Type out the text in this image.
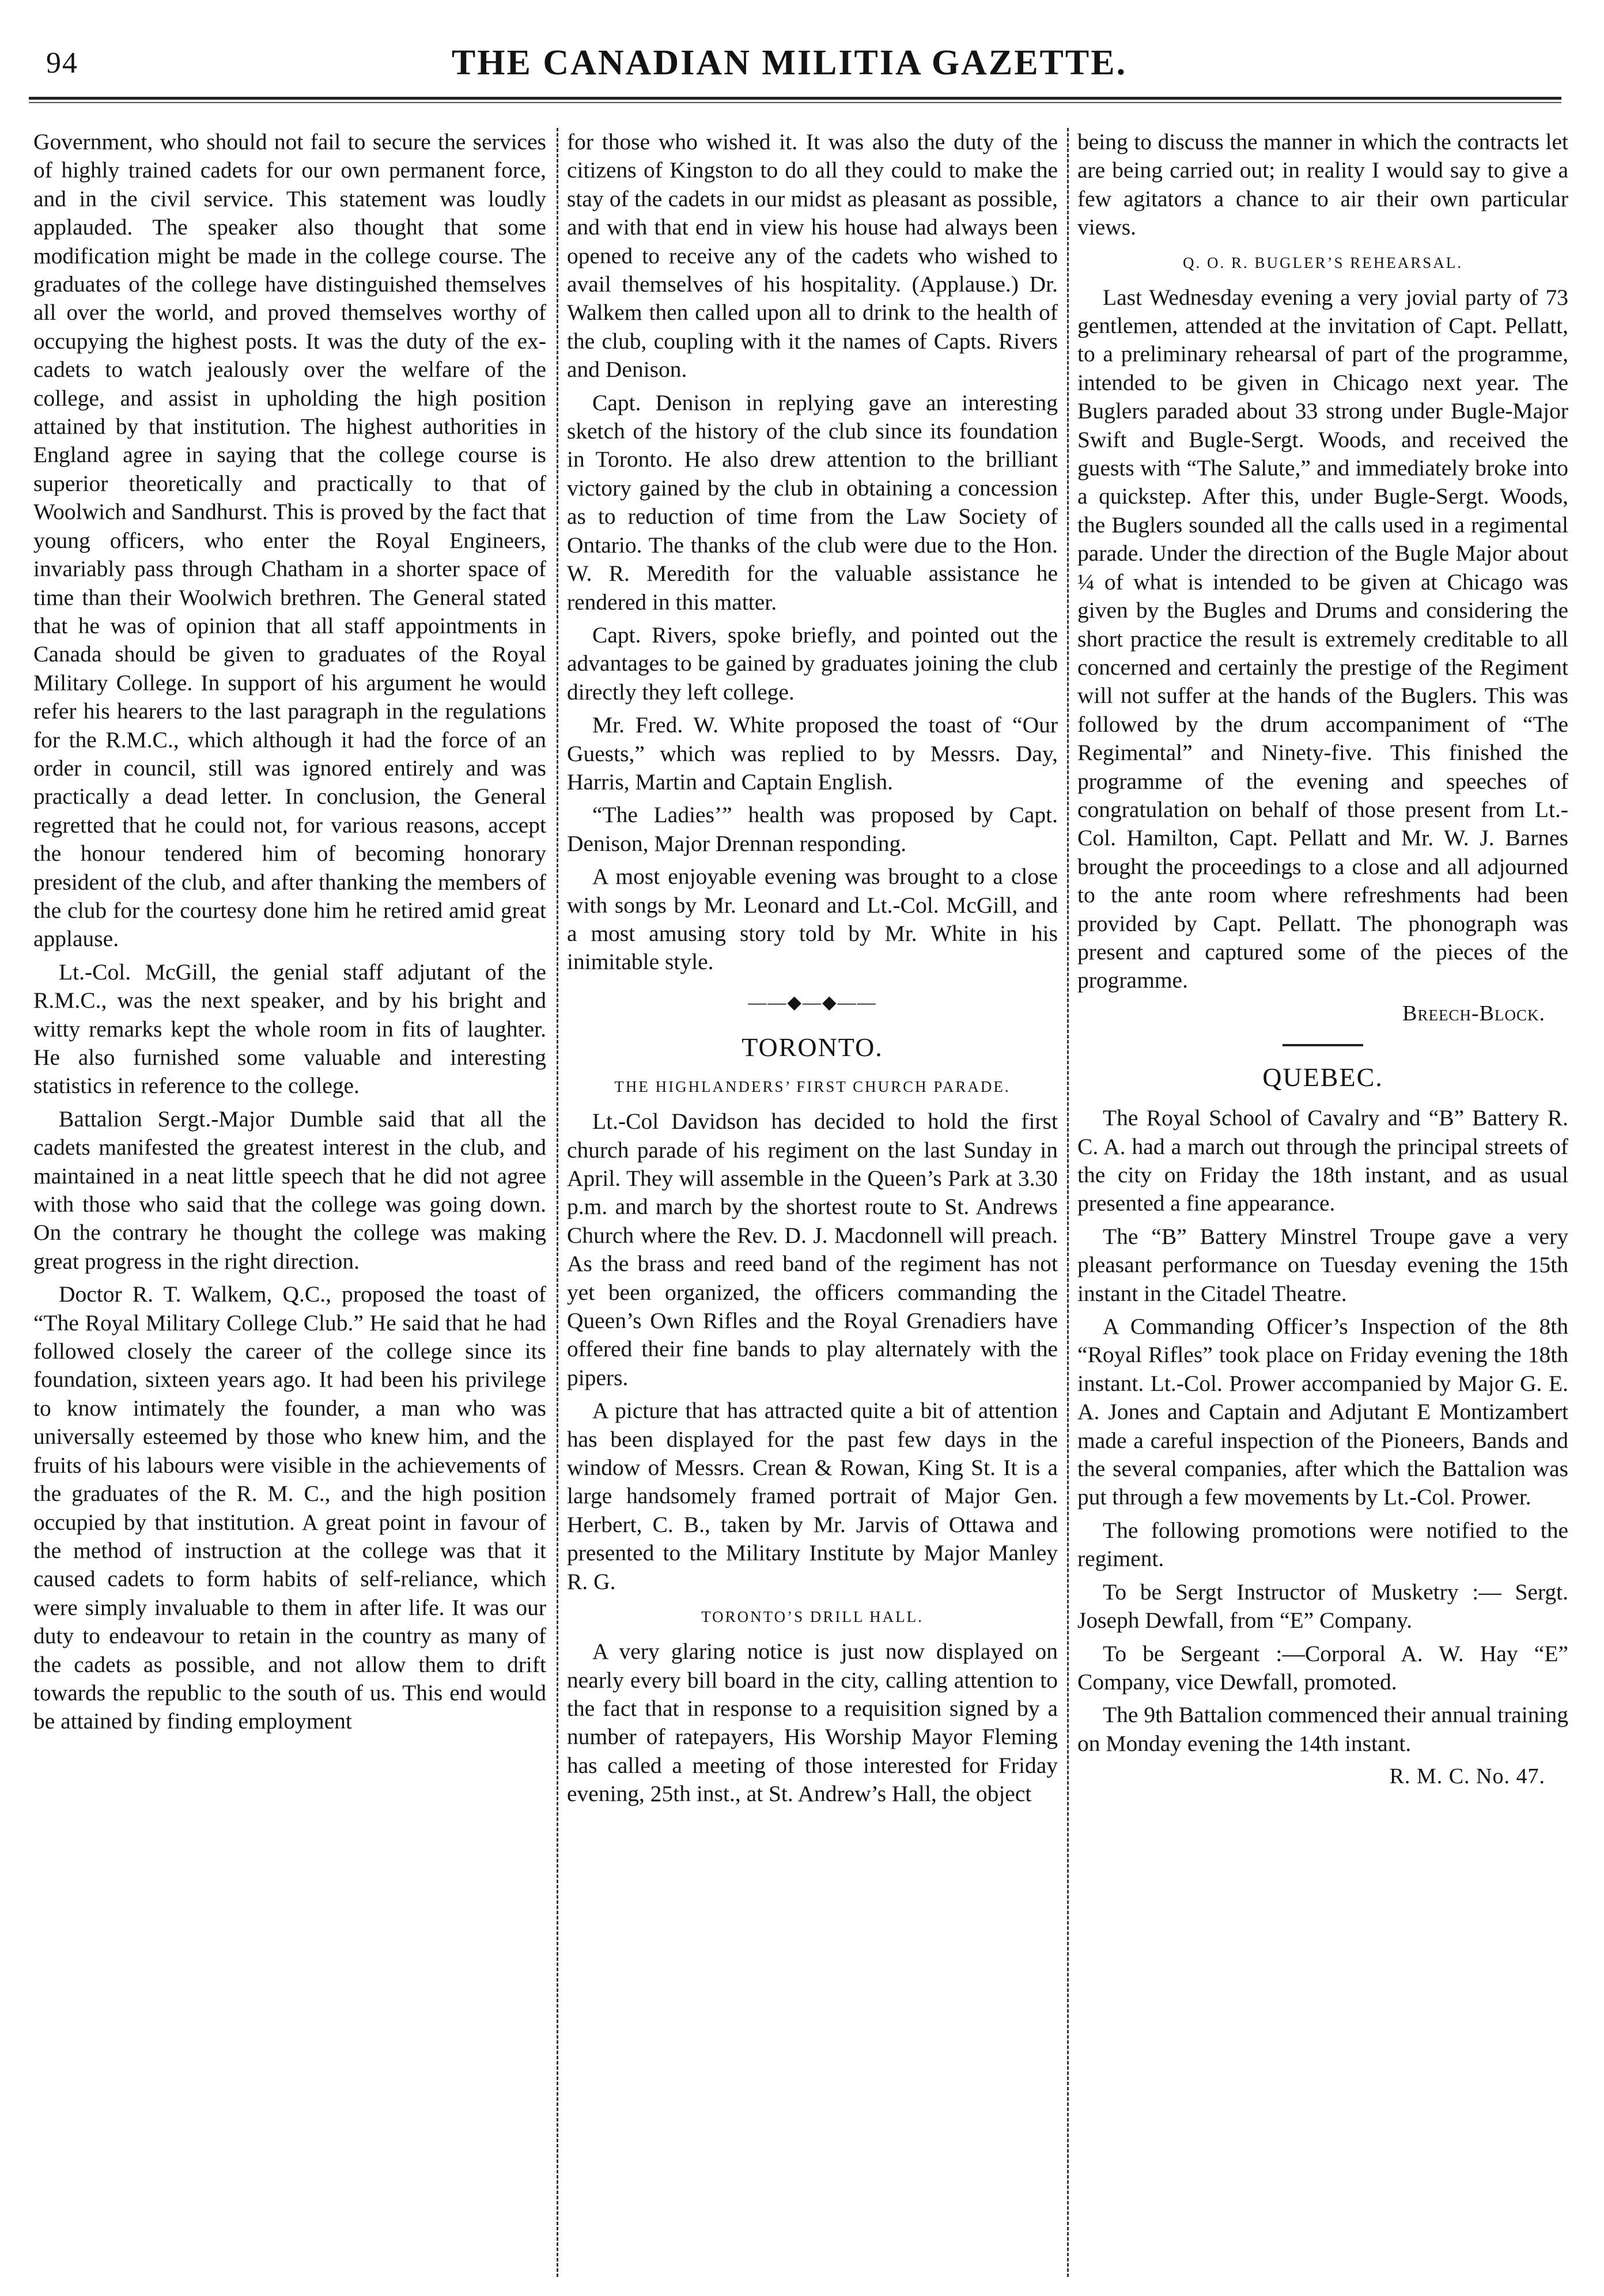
94	THE CANADIAN MILITIA GAZETTE.

Government, who should not fail to secure the services of highly trained cadets for our own permanent force, and in the civil service. This statement was loudly applauded. The speaker also thought that some modification might be made in the college course. The graduates of the college have distinguished themselves all over the world, and proved themselves worthy of occupying the highest posts. It was the duty of the ex-cadets to watch jealously over the welfare of the college, and assist in upholding the high position attained by that institution. The highest authorities in England agree in saying that the college course is superior theoretically and practically to that of Woolwich and Sandhurst. This is proved by the fact that young officers, who enter the Royal Engineers, invariably pass through Chatham in a shorter space of time than their Woolwich brethren. The General stated that he was of opinion that all staff appointments in Canada should be given to graduates of the Royal Military College. In support of his argument he would refer his hearers to the last paragraph in the regulations for the R.M.C., which although it had the force of an order in council, still was ignored entirely and was practically a dead letter. In conclusion, the General regretted that he could not, for various reasons, accept the honour tendered him of becoming honorary president of the club, and after thanking the members of the club for the courtesy done him he retired amid great applause.

Lt.-Col. McGill, the genial staff adjutant of the R.M.C., was the next speaker, and by his bright and witty remarks kept the whole room in fits of laughter. He also furnished some valuable and interesting statistics in reference to the college.

Battalion Sergt.-Major Dumble said that all the cadets manifested the greatest interest in the club, and maintained in a neat little speech that he did not agree with those who said that the college was going down. On the contrary he thought the college was making great progress in the right direction.

Doctor R. T. Walkem, Q.C., proposed the toast of “The Royal Military College Club.” He said that he had followed closely the career of the college since its foundation, sixteen years ago. It had been his privilege to know intimately the founder, a man who was universally esteemed by those who knew him, and the fruits of his labours were visible in the achievements of the graduates of the R. M. C., and the high position occupied by that institution. A great point in favour of the method of instruction at the college was that it caused cadets to form habits of self-reliance, which were simply invaluable to them in after life. It was our duty to endeavour to retain in the country as many of the cadets as possible, and not allow them to drift towards the republic to the south of us. This end would be attained by finding employment

for those who wished it. It was also the duty of the citizens of Kingston to do all they could to make the stay of the cadets in our midst as pleasant as possible, and with that end in view his house had always been opened to receive any of the cadets who wished to avail themselves of his hospitality. (Applause.) Dr. Walkem then called upon all to drink to the health of the club, coupling with it the names of Capts. Rivers and Denison.

Capt. Denison in replying gave an interesting sketch of the history of the club since its foundation in Toronto. He also drew attention to the brilliant victory gained by the club in obtaining a concession as to reduction of time from the Law Society of Ontario. The thanks of the club were due to the Hon. W. R. Meredith for the valuable assistance he rendered in this matter.

Capt. Rivers, spoke briefly, and pointed out the advantages to be gained by graduates joining the club directly they left college.

Mr. Fred. W. White proposed the toast of “Our Guests,” which was replied to by Messrs. Day, Harris, Martin and Captain English.

“The Ladies’” health was proposed by Capt. Denison, Major Drennan responding.

A most enjoyable evening was brought to a close with songs by Mr. Leonard and Lt.-Col. McGill, and a most amusing story told by Mr. White in his inimitable style.

——◆—◆——
TORONTO.
THE HIGHLANDERS’ FIRST CHURCH PARADE.

Lt.-Col Davidson has decided to hold the first church parade of his regiment on the last Sunday in April. They will assemble in the Queen’s Park at 3.30 p.m. and march by the shortest route to St. Andrews Church where the Rev. D. J. Macdonnell will preach. As the brass and reed band of the regiment has not yet been organized, the officers commanding the Queen’s Own Rifles and the Royal Grenadiers have offered their fine bands to play alternately with the pipers.

A picture that has attracted quite a bit of attention has been displayed for the past few days in the window of Messrs. Crean & Rowan, King St. It is a large handsomely framed portrait of Major Gen. Herbert, C. B., taken by Mr. Jarvis of Ottawa and presented to the Military Institute by Major Manley R. G.

TORONTO’S DRILL HALL.

A very glaring notice is just now displayed on nearly every bill board in the city, calling attention to the fact that in response to a requisition signed by a number of ratepayers, His Worship Mayor Fleming has called a meeting of those interested for Friday evening, 25th inst., at St. Andrew’s Hall, the object

being to discuss the manner in which the contracts let are being carried out; in reality I would say to give a few agitators a chance to air their own particular views.

Q. O. R. BUGLER’S REHEARSAL.

Last Wednesday evening a very jovial party of 73 gentlemen, attended at the invitation of Capt. Pellatt, to a preliminary rehearsal of part of the programme, intended to be given in Chicago next year. The Buglers paraded about 33 strong under Bugle-Major Swift and Bugle-Sergt. Woods, and received the guests with “The Salute,” and immediately broke into a quickstep. After this, under Bugle-Sergt. Woods, the Buglers sounded all the calls used in a regimental parade. Under the direction of the Bugle Major about ¼ of what is intended to be given at Chicago was given by the Bugles and Drums and considering the short practice the result is extremely creditable to all concerned and certainly the prestige of the Regiment will not suffer at the hands of the Buglers. This was followed by the drum accompaniment of “The Regimental” and Ninety-five. This finished the programme of the evening and speeches of congratulation on behalf of those present from Lt.-Col. Hamilton, Capt. Pellatt and Mr. W. J. Barnes brought the proceedings to a close and all adjourned to the ante room where refreshments had been provided by Capt. Pellatt. The phonograph was present and captured some of the pieces of the programme.

Breech-Block.
QUEBEC.

The Royal School of Cavalry and “B” Battery R. C. A. had a march out through the principal streets of the city on Friday the 18th instant, and as usual presented a fine appearance.

The “B” Battery Minstrel Troupe gave a very pleasant performance on Tuesday evening the 15th instant in the Citadel Theatre.

A Commanding Officer’s Inspection of the 8th “Royal Rifles” took place on Friday evening the 18th instant. Lt.-Col. Prower accompanied by Major G. E. A. Jones and Captain and Adjutant E Montizambert made a careful inspection of the Pioneers, Bands and the several companies, after which the Battalion was put through a few movements by Lt.-Col. Prower.

The following promotions were notified to the regiment.

To be Sergt Instructor of Musketry :— Sergt. Joseph Dewfall, from “E” Company.

To be Sergeant :—Corporal A. W. Hay “E” Company, vice Dewfall, promoted.

The 9th Battalion commenced their annual training on Monday evening the 14th instant.

R. M. C. No. 47.
